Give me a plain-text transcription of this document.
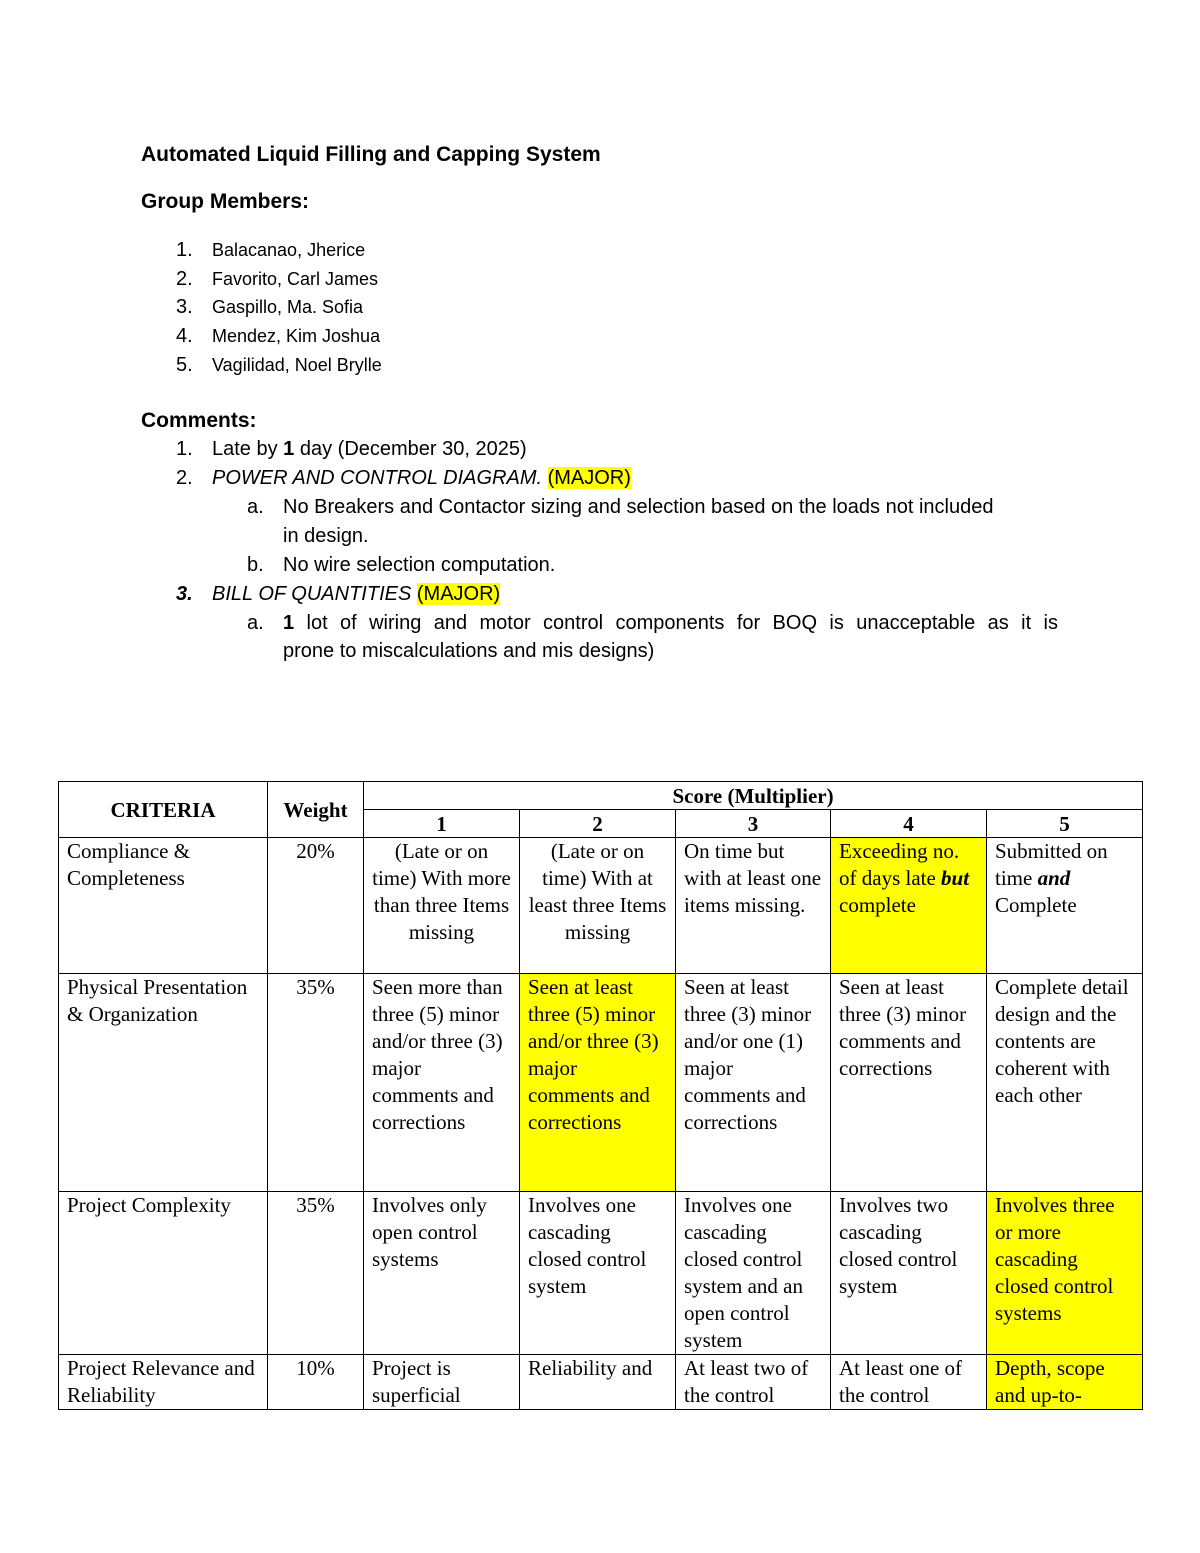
Automated Liquid Filling and Capping System
Group Members:
1.	Balacanao, Jherice
2.	Favorito, Carl James
3.	Gaspillo, Ma. Sofia
4.	Mendez, Kim Joshua
5.	Vagilidad, Noel Brylle
Comments:
1. Late by 1 day (December 30, 2025)
2. POWER AND CONTROL DIAGRAM. (MAJOR)
a. No Breakers and Contactor sizing and selection based on the loads not included
in design.
b. No wire selection computation.
3. BILL OF QUANTITIES (MAJOR)
a. 1 lot of wiring and motor control components for BOQ is unacceptable as it is
prone to miscalculations and mis designs)
CRITERIA	Weight	Score (Multiplier)				
		1	2	3	4	5
Compliance & Completeness	20%	(Late or on time) With more than three Items missing	(Late or on time) With at least three Items missing	On time but with at least one items missing.	Exceeding no. of days late but complete	Submitted on time and Complete
Physical Presentation & Organization	35%	Seen more than three (5) minor and/or three (3) major comments and corrections	Seen at least three (5) minor and/or three (3) major comments and corrections	Seen at least three (3) minor and/or one (1) major comments and corrections	Seen at least three (3) minor comments and corrections	Complete detail design and the contents are coherent with each other
Project Complexity	35%	Involves only open control systems	Involves one cascading closed control system	Involves one cascading closed control system and an open control system	Involves two cascading closed control system	Involves three or more cascading closed control systems
Project Relevance and Reliability	10%	Project is superficial	Reliability and	At least two of the control	At least one of the control	Depth, scope and up-to-
